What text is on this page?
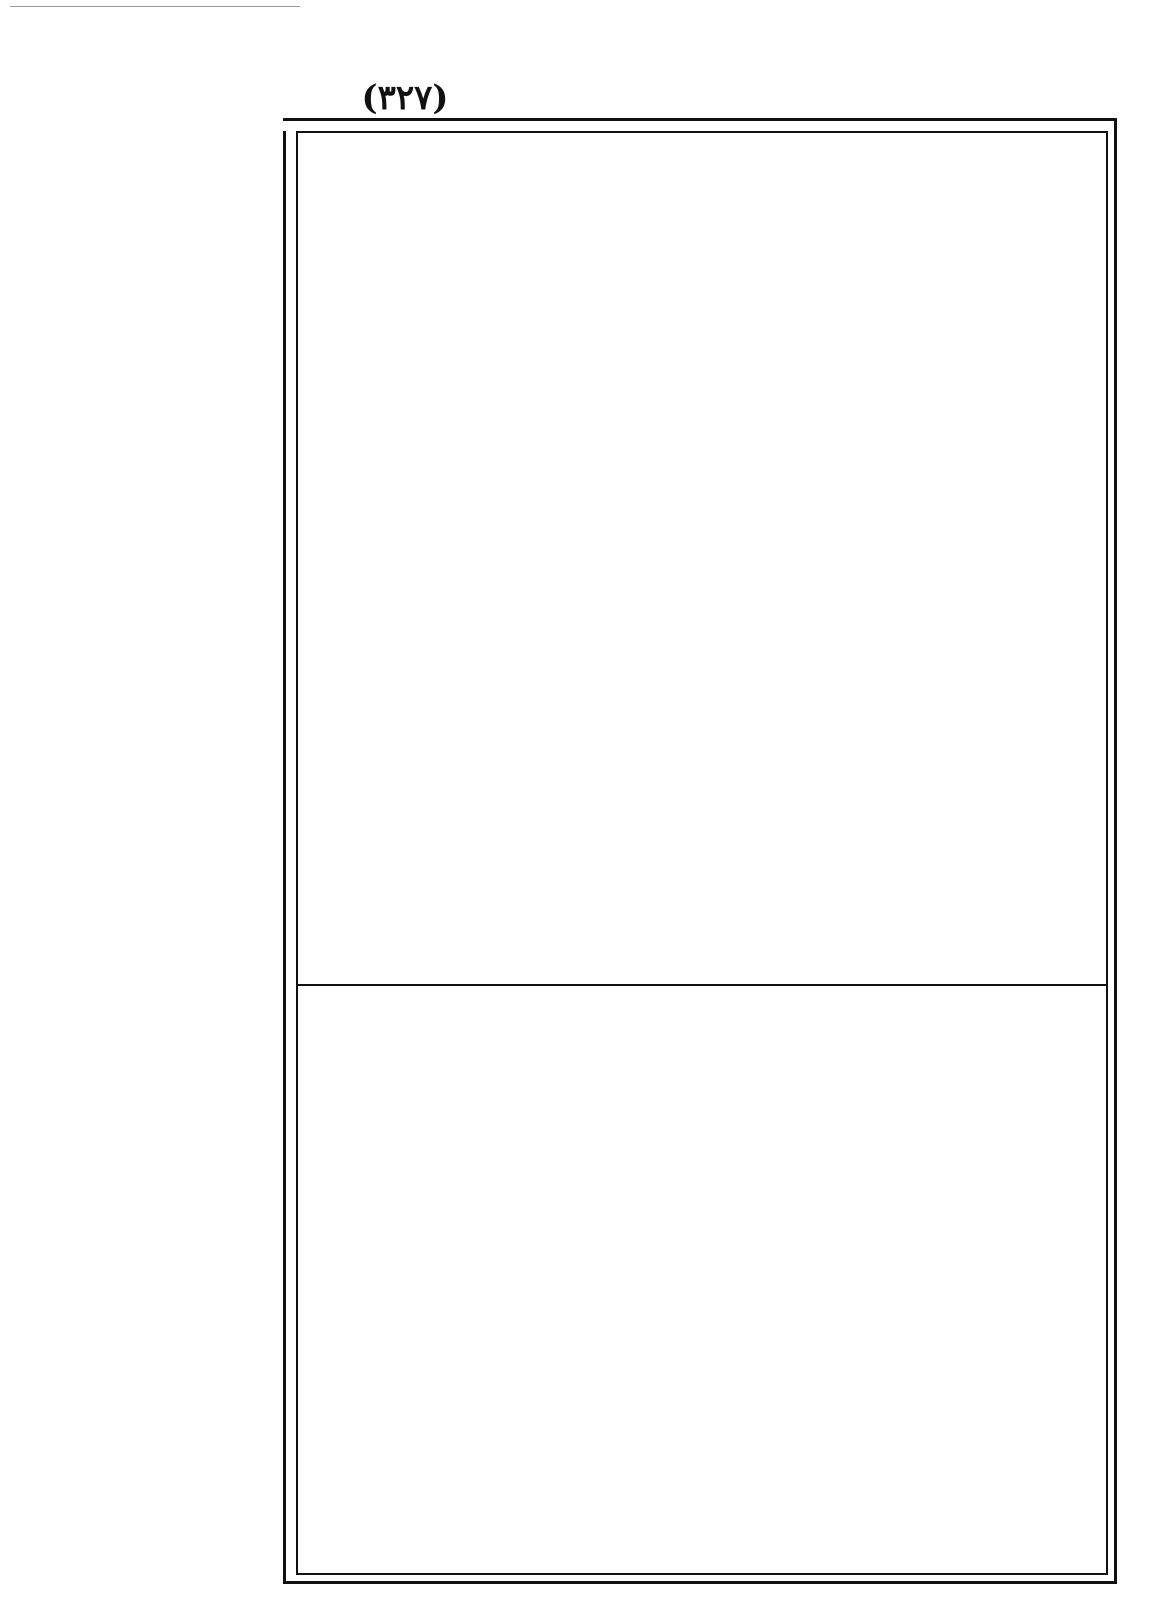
(٣٢٧)
